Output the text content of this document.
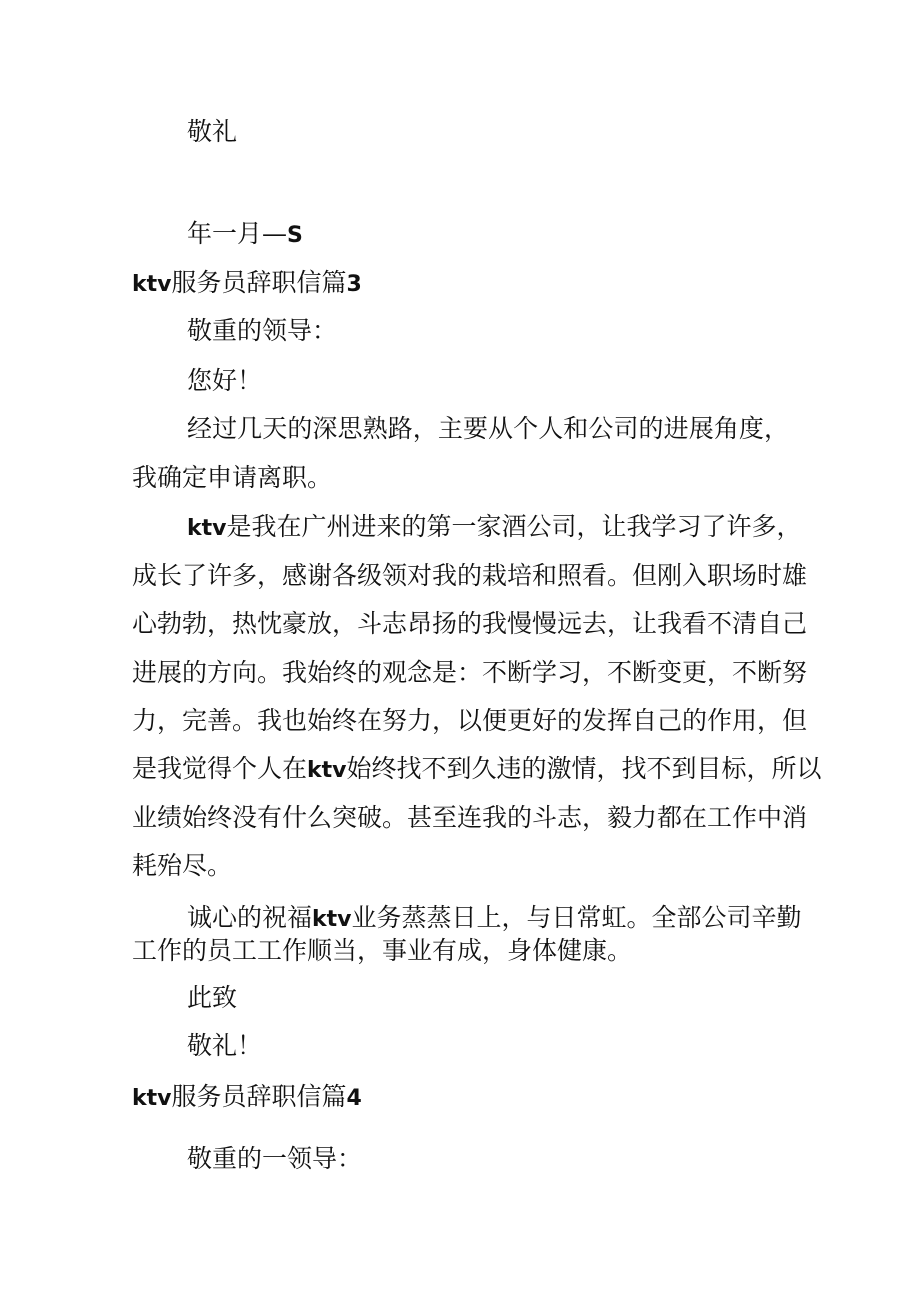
敬礼
年一月—S
ktv服务员辞职信篇3
敬重的领导：
您好！
经过几天的深思熟路，主要从个人和公司的进展角度，
我确定申请离职。
ktv是我在广州进来的第一家酒公司，让我学习了许多，
成长了许多，感谢各级领对我的栽培和照看。但刚入职场时雄
心勃勃，热忱豪放，斗志昂扬的我慢慢远去，让我看不清自己
进展的方向。我始终的观念是：不断学习，不断变更，不断努
力，完善。我也始终在努力，以便更好的发挥自己的作用，但
是我觉得个人在ktv始终找不到久违的激情，找不到目标，所以
业绩始终没有什么突破。甚至连我的斗志，毅力都在工作中消
耗殆尽。
诚心的祝福ktv业务蒸蒸日上，与日常虹。全部公司辛勤
工作的员工工作顺当，事业有成，身体健康。
此致
敬礼！
ktv服务员辞职信篇4
敬重的一领导：
